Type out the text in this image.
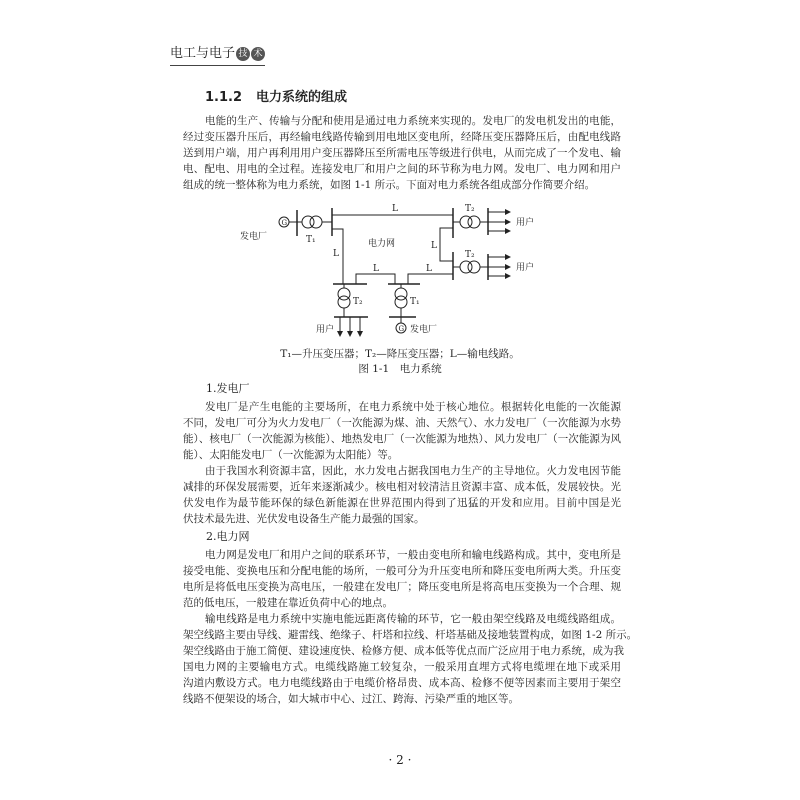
电工与电子 技 术
1.1.2 电力系统的组成
电能的生产、传输与分配和使用是通过电力系统来实现的。发电厂的发电机发出的电能，
经过变压器升压后，再经输电线路传输到用电地区变电所，经降压变压器降压后，由配电线路
送到用户端，用户再利用用户变压器降压至所需电压等级进行供电，从而完成了一个发电、输
电、配电、用电的全过程。连接发电厂和用户之间的环节称为电力网。发电厂、电力网和用户
组成的统一整体称为电力系统，如图 1-1 所示。下面对电力系统各组成部分作简要介绍。
G
发电厂	T₁
L	T₂
用户
L
电力网	L
T₂
用户
L	L
T₂
用户
T₁
G 发电厂
T₁—升压变压器；T₂—降压变压器；L—输电线路。
图 1-1　电力系统
1.发电厂
发电厂是产生电能的主要场所，在电力系统中处于核心地位。根据转化电能的一次能源
不同，发电厂可分为火力发电厂（一次能源为煤、油、天然气）、水力发电厂（一次能源为水势
能）、核电厂（一次能源为核能）、地热发电厂（一次能源为地热）、风力发电厂（一次能源为风
能）、太阳能发电厂（一次能源为太阳能）等。
由于我国水利资源丰富，因此，水力发电占据我国电力生产的主导地位。火力发电因节能
减排的环保发展需要，近年来逐渐减少。核电相对较清洁且资源丰富、成本低，发展较快。光
伏发电作为最节能环保的绿色新能源在世界范围内得到了迅猛的开发和应用。目前中国是光
伏技术最先进、光伏发电设备生产能力最强的国家。
2.电力网
电力网是发电厂和用户之间的联系环节，一般由变电所和输电线路构成。其中，变电所是
接受电能、变换电压和分配电能的场所，一般可分为升压变电所和降压变电所两大类。升压变
电所是将低电压变换为高电压，一般建在发电厂；降压变电所是将高电压变换为一个合理、规
范的低电压，一般建在靠近负荷中心的地点。
输电线路是电力系统中实施电能远距离传输的环节，它一般由架空线路及电缆线路组成。
架空线路主要由导线、避雷线、绝缘子、杆塔和拉线、杆塔基础及接地装置构成，如图 1-2 所示。
架空线路由于施工简便、建设速度快、检修方便、成本低等优点而广泛应用于电力系统，成为我
国电力网的主要输电方式。电缆线路施工较复杂，一般采用直埋方式将电缆埋在地下或采用
沟道内敷设方式。电力电缆线路由于电缆价格昂贵、成本高、检修不便等因素而主要用于架空
线路不便架设的场合，如大城市中心、过江、跨海、污染严重的地区等。
· 2 ·
